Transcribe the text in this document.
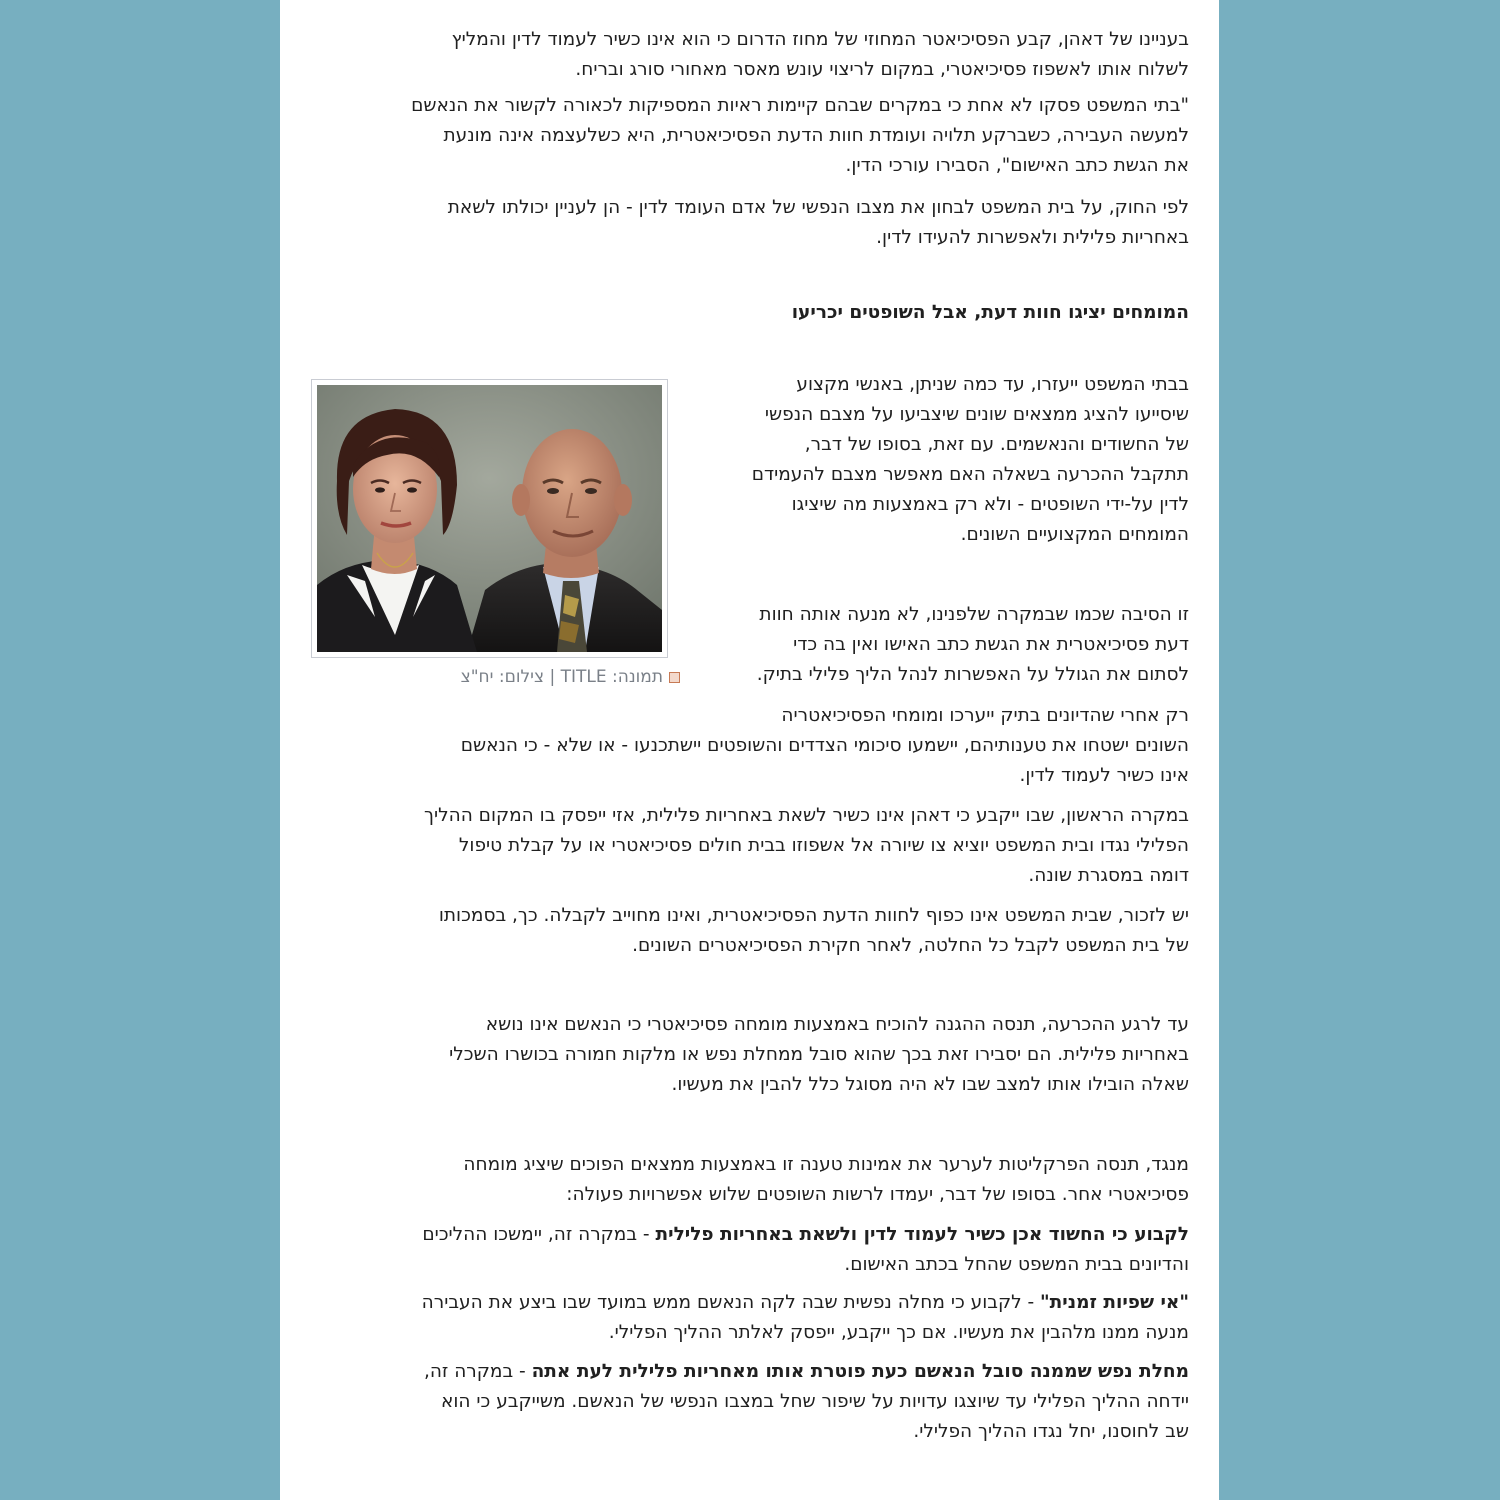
בעניינו של דאהן, קבע הפסיכיאטר המחוזי של מחוז הדרום כי הוא אינו כשיר לעמוד לדין והמליץ
לשלוח אותו לאשפוז פסיכיאטרי, במקום לריצוי עונש מאסר מאחורי סורג ובריח.

"בתי המשפט פסקו לא אחת כי במקרים שבהם קיימות ראיות המספיקות לכאורה לקשור את הנאשם
למעשה העבירה, כשברקע תלויה ועומדת חוות הדעת הפסיכיאטרית, היא כשלעצמה אינה מונעת
את הגשת כתב האישום", הסבירו עורכי הדין.

לפי החוק, על בית המשפט לבחון את מצבו הנפשי של אדם העומד לדין - הן לעניין יכולתו לשאת
באחריות פלילית ולאפשרות להעידו לדין.

המומחים יציגו חוות דעת, אבל השופטים יכריעו
תמונה: TITLE | צילום: יח"צ

בבתי המשפט ייעזרו, עד כמה שניתן, באנשי מקצוע
שיסייעו להציג ממצאים שונים שיצביעו על מצבם הנפשי
של החשודים והנאשמים. עם זאת, בסופו של דבר,
תתקבל ההכרעה בשאלה האם מאפשר מצבם להעמידם
לדין על-ידי השופטים - ולא רק באמצעות מה שיציגו
המומחים המקצועיים השונים.

זו הסיבה שכמו שבמקרה שלפנינו, לא מנעה אותה חוות
דעת פסיכיאטרית את הגשת כתב האישו ואין בה כדי
לסתום את הגולל על האפשרות לנהל הליך פלילי בתיק.

רק אחרי שהדיונים בתיק ייערכו ומומחי הפסיכיאטריה
השונים ישטחו את טענותיהם, יישמעו סיכומי הצדדים והשופטים יישתכנעו - או שלא - כי הנאשם
אינו כשיר לעמוד לדין.

במקרה הראשון, שבו ייקבע כי דאהן אינו כשיר לשאת באחריות פלילית, אזי ייפסק בו המקום ההליך
הפלילי נגדו ובית המשפט יוציא צו שיורה אל אשפוזו בבית חולים פסיכיאטרי או על קבלת טיפול
דומה במסגרת שונה.

יש לזכור, שבית המשפט אינו כפוף לחוות הדעת הפסיכיאטרית, ואינו מחוייב לקבלה. כך, בסמכותו
של בית המשפט לקבל כל החלטה, לאחר חקירת הפסיכיאטרים השונים.

עד לרגע ההכרעה, תנסה ההגנה להוכיח באמצעות מומחה פסיכיאטרי כי הנאשם אינו נושא
באחריות פלילית. הם יסבירו זאת בכך שהוא סובל ממחלת נפש או מלקות חמורה בכושרו השכלי
שאלה הובילו אותו למצב שבו לא היה מסוגל כלל להבין את מעשיו.

מנגד, תנסה הפרקליטות לערער את אמינות טענה זו באמצעות ממצאים הפוכים שיציג מומחה
פסיכיאטרי אחר. בסופו של דבר, יעמדו לרשות השופטים שלוש אפשרויות פעולה:

לקבוע כי החשוד אכן כשיר לעמוד לדין ולשאת באחריות פלילית - במקרה זה, יימשכו ההליכים
והדיונים בבית המשפט שהחל בכתב האישום.

"אי שפיות זמנית" - לקבוע כי מחלה נפשית שבה לקה הנאשם ממש במועד שבו ביצע את העבירה
מנעה ממנו מלהבין את מעשיו. אם כך ייקבע, ייפסק לאלתר ההליך הפלילי.

מחלת נפש שממנה סובל הנאשם כעת פוטרת אותו מאחריות פלילית לעת אתה - במקרה זה,
יידחה ההליך הפלילי עד שיוצגו עדויות על שיפור שחל במצבו הנפשי של הנאשם. משייקבע כי הוא
שב לחוסנו, יחל נגדו ההליך הפלילי.
